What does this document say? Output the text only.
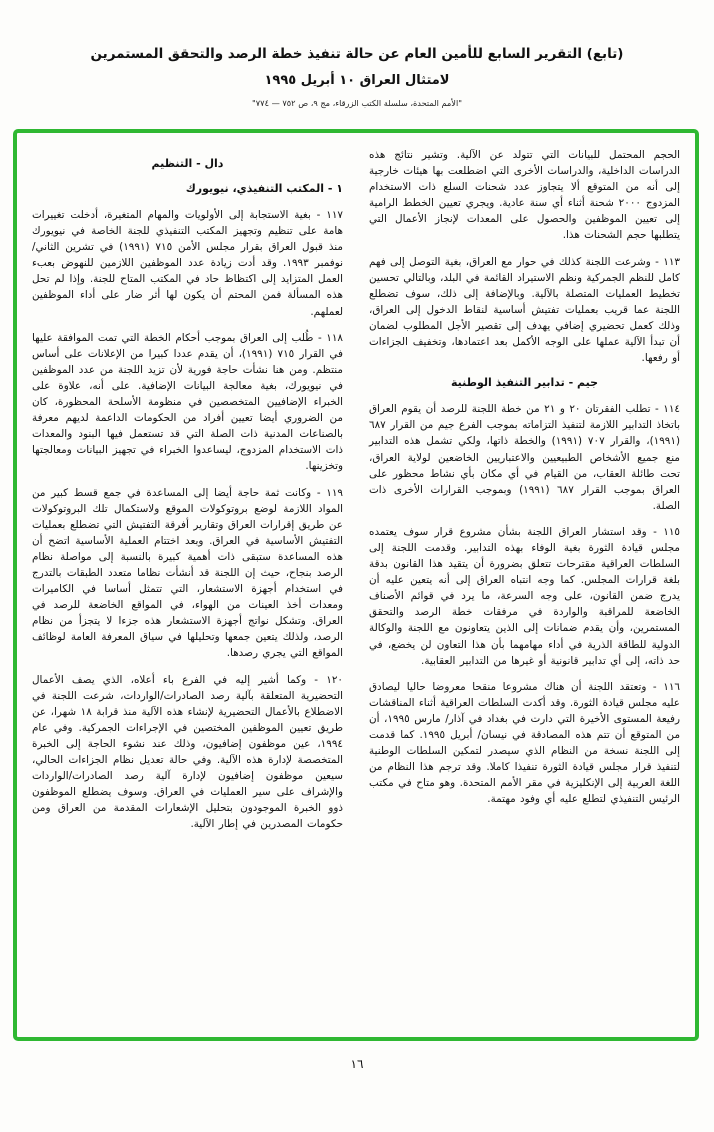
(تابع) التقرير السابع للأمين العام عن حالة تنفيذ خطة الرصد والتحقق المستمرين
لامتثال العراق ١٠ أبريل ١٩٩٥
"الأمم المتحدة، سلسلة الكتب الزرقاء، مج ٩، ص ٧٥٢ — ٧٧٤"

الحجم المحتمل للبيانات التي تتولد عن الآلية. وتشير نتائج هذه الدراسات الداخلية، والدراسات الأخرى التي اضطلعت بها هيئات خارجية إلى أنه من المتوقع ألا يتجاوز عدد شحنات السلع ذات الاستخدام المزدوج ٢٠٠٠ شحنة أثناء أي سنة عادية. ويجري تعيين الخطط الرامية إلى تعيين الموظفين والحصول على المعدات لإنجاز الأعمال التي يتطلبها حجم الشحنات هذا.

١١٣ - وشرعت اللجنة كذلك في حوار مع العراق، بغية التوصل إلى فهم كامل للنظم الجمركية ونظم الاستيراد القائمة في البلد، وبالتالي تحسين تخطيط العمليات المتصلة بالآلية. وبالإضافة إلى ذلك، سوف تضطلع اللجنة عما قريب بعمليات تفتيش أساسية لنقاط الدخول إلى العراق، وذلك كعمل تحضيري إضافي يهدف إلى تقصير الأجل المطلوب لضمان أن تبدأ الآلية عملها على الوجه الأكمل بعد اعتمادها، وتخفيف الجزاءات أو رفعها.

جيم - تدابير التنفيذ الوطنية

١١٤ - تطلب الفقرتان ٢٠ و ٢١ من خطة اللجنة للرصد أن يقوم العراق باتخاذ التدابير اللازمة لتنفيذ التزاماته بموجب الفرع جيم من القرار ٦٨٧ (١٩٩١)، والقرار ٧٠٧ (١٩٩١) والخطة ذاتها، ولكي تشمل هذه التدابير منع جميع الأشخاص الطبيعيين والاعتباريين الخاضعين لولاية العراق، تحت طائلة العقاب، من القيام في أي مكان بأي نشاط محظور على العراق بموجب القرار ٦٨٧ (١٩٩١) وبموجب القرارات الأخرى ذات الصلة.

١١٥ - وقد استشار العراق اللجنة بشأن مشروع قرار سوف يعتمده مجلس قيادة الثورة بغية الوفاء بهذه التدابير. وقدمت اللجنة إلى السلطات العراقية مقترحات تتعلق بضرورة أن يتقيد هذا القانون بدقة بلغة قرارات المجلس. كما وجه انتباه العراق إلى أنه يتعين عليه أن يدرج ضمن القانون، على وجه السرعة، ما يرد في قوائم الأصناف الخاضعة للمراقبة والواردة في مرفقات خطة الرصد والتحقق المستمرين، وأن يقدم ضمانات إلى الذين يتعاونون مع اللجنة والوكالة الدولية للطاقة الذرية في أداء مهامهما بأن هذا التعاون لن يخضع، في حد ذاته، إلى أي تدابير قانونية أو غيرها من التدابير العقابية.

١١٦ - وتعتقد اللجنة أن هناك مشروعا منقحا معروضا حاليا ليصادق عليه مجلس قيادة الثورة. وقد أكدت السلطات العراقية أثناء المناقشات رفيعة المستوى الأخيرة التي دارت في بغداد في آذار/ مارس ١٩٩٥، أن من المتوقع أن تتم هذه المصادقة في نيسان/ أبريل ١٩٩٥. كما قدمت إلى اللجنة نسخة من النظام الذي سيصدر لتمكين السلطات الوطنية لتنفيذ قرار مجلس قيادة الثورة تنفيذا كاملا. وقد ترجم هذا النظام من اللغة العربية إلى الإنكليزية في مقر الأمم المتحدة. وهو متاح في مكتب الرئيس التنفيذي لتطلع عليه أي وفود مهتمة.

دال - التنظيم
١ - المكتب التنفيذي، نيويورك

١١٧ - بغية الاستجابة إلى الأولويات والمهام المتغيرة، أدخلت تغييرات هامة على تنظيم وتجهيز المكتب التنفيذي للجنة الخاصة في نيويورك منذ قبول العراق بقرار مجلس الأمن ٧١٥ (١٩٩١) في تشرين الثاني/ نوفمبر ١٩٩٣. وقد أدت زيادة عدد الموظفين اللازمين للنهوض بعبء العمل المتزايد إلى اكتظاظ حاد في المكتب المتاح للجنة. وإذا لم تحل هذه المسألة فمن المحتم أن يكون لها أثر ضار على أداء الموظفين لعملهم.

١١٨ - طُلب إلى العراق بموجب أحكام الخطة التي تمت الموافقة عليها في القرار ٧١٥ (١٩٩١)، أن يقدم عددا كبيرا من الإعلانات على أساس منتظم. ومن هنا نشأت حاجة فورية لأن تزيد اللجنة من عدد الموظفين في نيويورك، بغية معالجة البيانات الإضافية. على أنه، علاوة على الخبراء الإضافيين المتخصصين في منظومة الأسلحة المحظورة، كان من الضروري أيضا تعيين أفراد من الحكومات الداعمة لديهم معرفة بالصناعات المدنية ذات الصلة التي قد تستعمل فيها البنود والمعدات ذات الاستخدام المزدوج، ليساعدوا الخبراء في تجهيز البيانات ومعالجتها وتخزينها.

١١٩ - وكانت ثمة حاجة أيضا إلى المساعدة في جمع قسط كبير من المواد اللازمة لوضع بروتوكولات الموقع ولاستكمال تلك البروتوكولات عن طريق إقرارات العراق وتقارير أفرقة التفتيش التي تضطلع بعمليات التفتيش الأساسية في العراق. وبعد اختتام العملية الأساسية اتضح أن هذه المساعدة ستبقى ذات أهمية كبيرة بالنسبة إلى مواصلة نظام الرصد بنجاح، حيث إن اللجنة قد أنشأت نظاما متعدد الطبقات بالتدرج في استخدام أجهزة الاستشعار، التي تتمثل أساسا في الكاميرات ومعدات أخذ العينات من الهواء، في المواقع الخاضعة للرصد في العراق. وتشكل نواتج أجهزة الاستشعار هذه جزءا لا يتجزأ من نظام الرصد، ولذلك يتعين جمعها وتحليلها في سياق المعرفة العامة لوظائف المواقع التي يجري رصدها.

١٢٠ - وكما أشير إليه في الفرع باء أعلاه، الذي يصف الأعمال التحضيرية المتعلقة بآلية رصد الصادرات/الواردات، شرعت اللجنة في الاضطلاع بالأعمال التحضيرية لإنشاء هذه الآلية منذ قرابة ١٨ شهرا، عن طريق تعيين الموظفين المختصين في الإجراءات الجمركية. وفي عام ١٩٩٤، عين موظفون إضافيون، وذلك عند نشوء الحاجة إلى الخبرة المتخصصة لإدارة هذه الآلية. وفي حالة تعديل نظام الجزاءات الحالي، سيعين موظفون إضافيون لإدارة آلية رصد الصادرات/الواردات والإشراف على سير العمليات في العراق. وسوف يضطلع الموظفون ذوو الخبرة الموجودون بتحليل الإشعارات المقدمة من العراق ومن حكومات المصدرين في إطار الآلية.

١٦
